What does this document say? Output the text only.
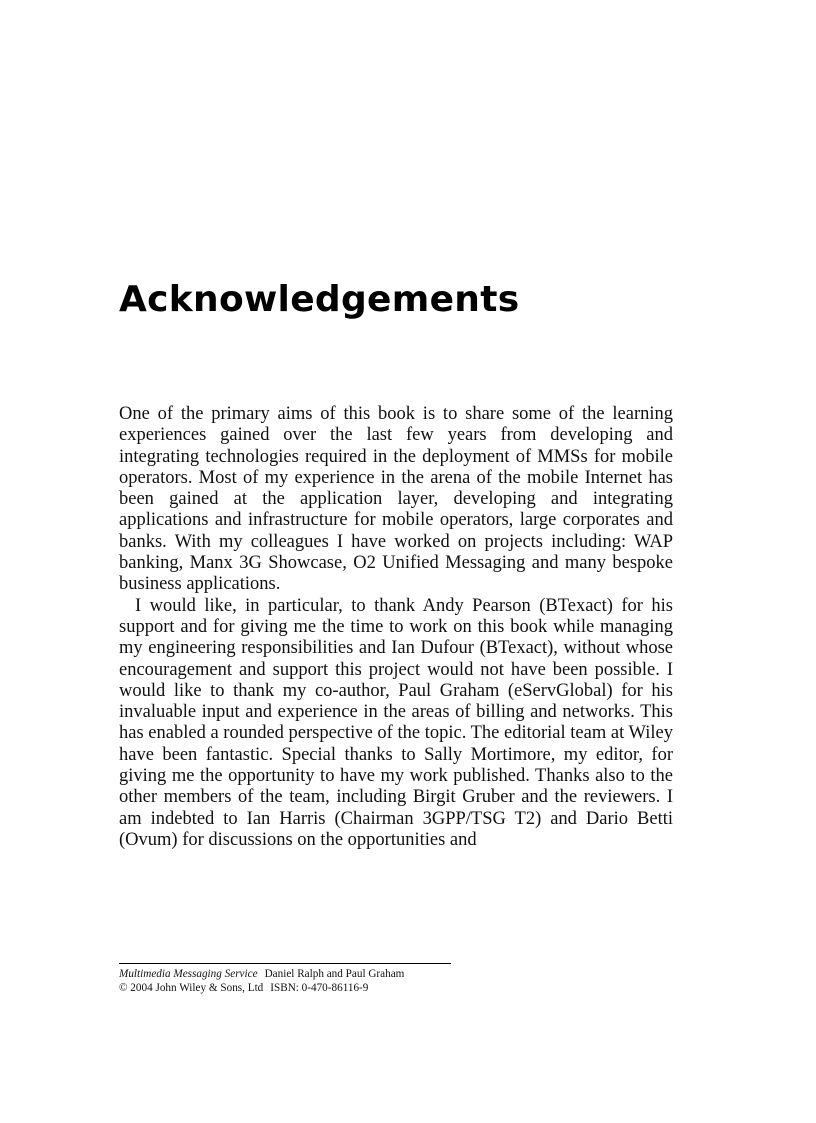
Acknowledgements

One of the primary aims of this book is to share some of the learning experiences gained over the last few years from developing and integrating technologies required in the deployment of MMSs for mobile operators. Most of my experience in the arena of the mobile Internet has been gained at the application layer, developing and integrating applications and infrastructure for mobile operators, large corporates and banks. With my colleagues I have worked on projects including: WAP banking, Manx 3G Showcase, O2 Unified Messaging and many bespoke business applications.

I would like, in particular, to thank Andy Pearson (BTexact) for his support and for giving me the time to work on this book while managing my engineering responsibilities and Ian Dufour (BTexact), without whose encouragement and support this project would not have been possible. I would like to thank my co-author, Paul Graham (eServGlobal) for his invaluable input and experience in the areas of billing and networks. This has enabled a rounded perspective of the topic. The editorial team at Wiley have been fantastic. Special thanks to Sally Mortimore, my editor, for giving me the opportunity to have my work published. Thanks also to the other members of the team, including Birgit Gruber and the reviewers. I am indebted to Ian Harris (Chairman 3GPP/TSG T2) and Dario Betti (Ovum) for discussions on the opportunities and

Multimedia Messaging Service Daniel Ralph and Paul Graham
© 2004 John Wiley & Sons, Ltd ISBN: 0-470-86116-9
